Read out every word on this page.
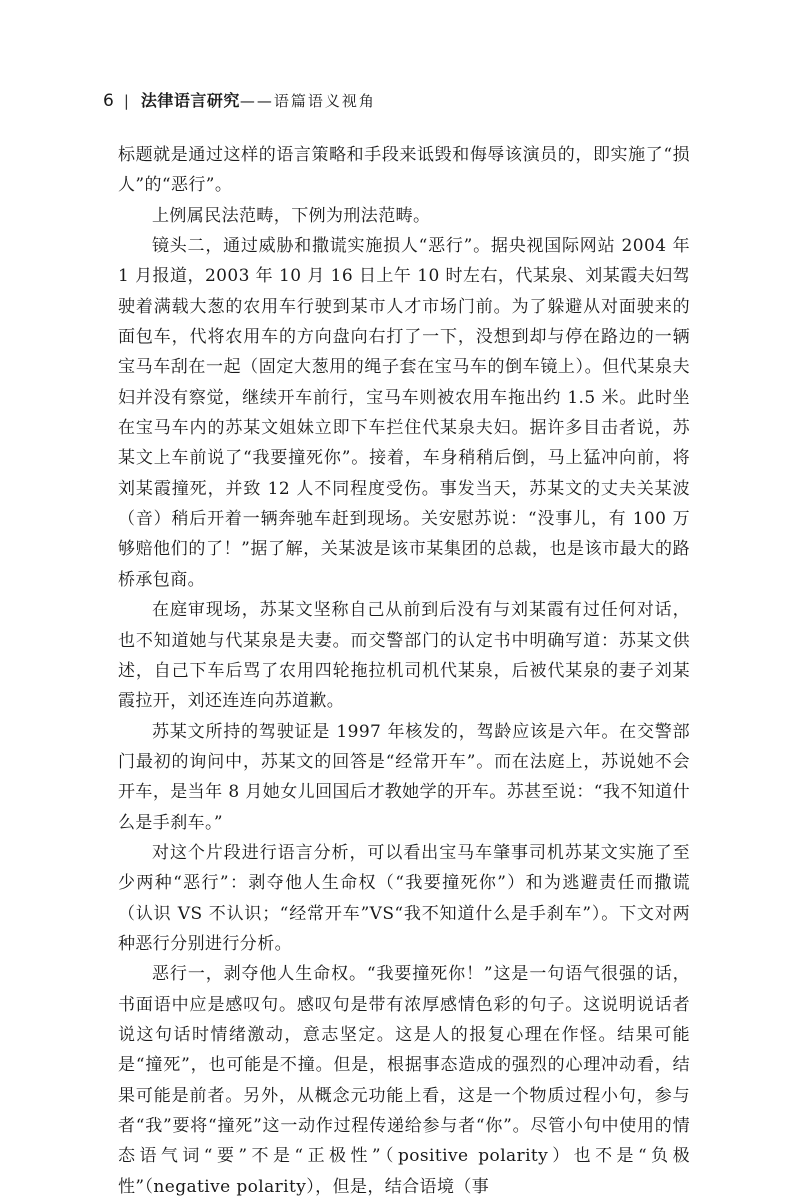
6 | 法律语言研究 ——语篇语义视角

标题就是通过这样的语言策略和手段来诋毁和侮辱该演员的，即实施了“损人”的“恶行”。

上例属民法范畴，下例为刑法范畴。

镜头二，通过威胁和撒谎实施损人“恶行”。据央视国际网站 2004 年 1 月报道，2003 年 10 月 16 日上午 10 时左右，代某泉、刘某霞夫妇驾驶着满载大葱的农用车行驶到某市人才市场门前。为了躲避从对面驶来的面包车，代将农用车的方向盘向右打了一下，没想到却与停在路边的一辆宝马车刮在一起（固定大葱用的绳子套在宝马车的倒车镜上）。但代某泉夫妇并没有察觉，继续开车前行，宝马车则被农用车拖出约 1.5 米。此时坐在宝马车内的苏某文姐妹立即下车拦住代某泉夫妇。据许多目击者说，苏某文上车前说了“我要撞死你”。接着，车身稍稍后倒，马上猛冲向前，将刘某霞撞死，并致 12 人不同程度受伤。事发当天，苏某文的丈夫关某波（音）稍后开着一辆奔驰车赶到现场。关安慰苏说：“没事儿，有 100 万够赔他们的了！”据了解，关某波是该市某集团的总裁，也是该市最大的路桥承包商。

在庭审现场，苏某文坚称自己从前到后没有与刘某霞有过任何对话，也不知道她与代某泉是夫妻。而交警部门的认定书中明确写道：苏某文供述，自己下车后骂了农用四轮拖拉机司机代某泉，后被代某泉的妻子刘某霞拉开，刘还连连向苏道歉。

苏某文所持的驾驶证是 1997 年核发的，驾龄应该是六年。在交警部门最初的询问中，苏某文的回答是“经常开车”。而在法庭上，苏说她不会开车，是当年 8 月她女儿回国后才教她学的开车。苏甚至说：“我不知道什么是手刹车。”

对这个片段进行语言分析，可以看出宝马车肇事司机苏某文实施了至少两种“恶行”：剥夺他人生命权（“我要撞死你”）和为逃避责任而撒谎（认识 VS 不认识；“经常开车”VS“我不知道什么是手刹车”）。下文对两种恶行分别进行分析。

恶行一，剥夺他人生命权。“我要撞死你！”这是一句语气很强的话，书面语中应是感叹句。感叹句是带有浓厚感情色彩的句子。这说明说话者说这句话时情绪激动，意志坚定。这是人的报复心理在作怪。结果可能是“撞死”，也可能是不撞。但是，根据事态造成的强烈的心理冲动看，结果可能是前者。另外，从概念元功能上看，这是一个物质过程小句，参与者“我”要将“撞死”这一动作过程传递给参与者“你”。尽管小句中使用的情态语气词“要”不是“正极性”（positive polarity）也不是“负极性”（negative polarity），但是，结合语境（事
